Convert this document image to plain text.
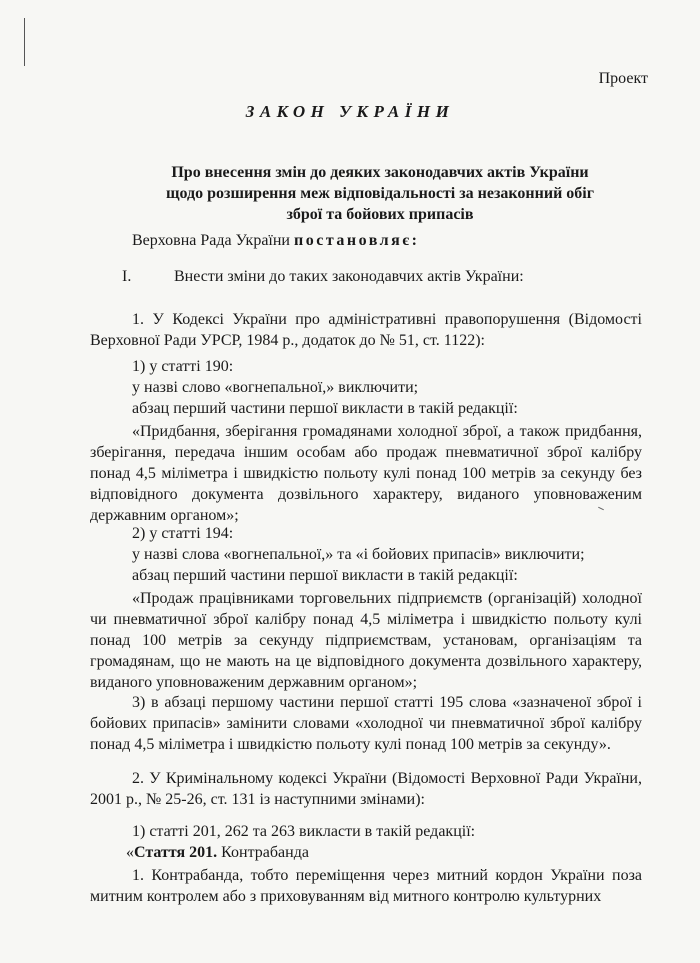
Проект
ЗАКОН УКРАЇНИ
Про внесення змін до деяких законодавчих актів України
щодо розширення меж відповідальності за незаконний обіг
зброї та бойових припасів
Верховна Рада України постановляє:
I.	Внести зміни до таких законодавчих актів України:
1. У Кодексі України про адміністративні правопорушення (Відомості Верховної Ради УРСР, 1984 р., додаток до № 51, ст. 1122):
1) у статті 190:
у назві слово «вогнепальної,» виключити;
абзац перший частини першої викласти в такій редакції:
«Придбання, зберігання громадянами холодної зброї, а також придбання, зберігання, передача іншим особам або продаж пневматичної зброї калібру понад 4,5 міліметра і швидкістю польоту кулі понад 100 метрів за секунду без відповідного документа дозвільного характеру, виданого уповноваженим державним органом»;
2) у статті 194:
у назві слова «вогнепальної,» та «і бойових припасів» виключити;
абзац перший частини першої викласти в такій редакції:
«Продаж працівниками торговельних підприємств (організацій) холодної чи пневматичної зброї калібру понад 4,5 міліметра і швидкістю польоту кулі понад 100 метрів за секунду підприємствам, установам, організаціям та громадянам, що не мають на це відповідного документа дозвільного характеру, виданого уповноваженим державним органом»;
3) в абзаці першому частини першої статті 195 слова «зазначеної зброї і бойових припасів» замінити словами «холодної чи пневматичної зброї калібру понад 4,5 міліметра і швидкістю польоту кулі понад 100 метрів за секунду».
2. У Кримінальному кодексі України (Відомості Верховної Ради України, 2001 р., № 25-26, ст. 131 із наступними змінами):
1) статті 201, 262 та 263 викласти в такій редакції:
«Стаття 201. Контрабанда
1. Контрабанда, тобто переміщення через митний кордон України поза митним контролем або з приховуванням від митного контролю культурних
